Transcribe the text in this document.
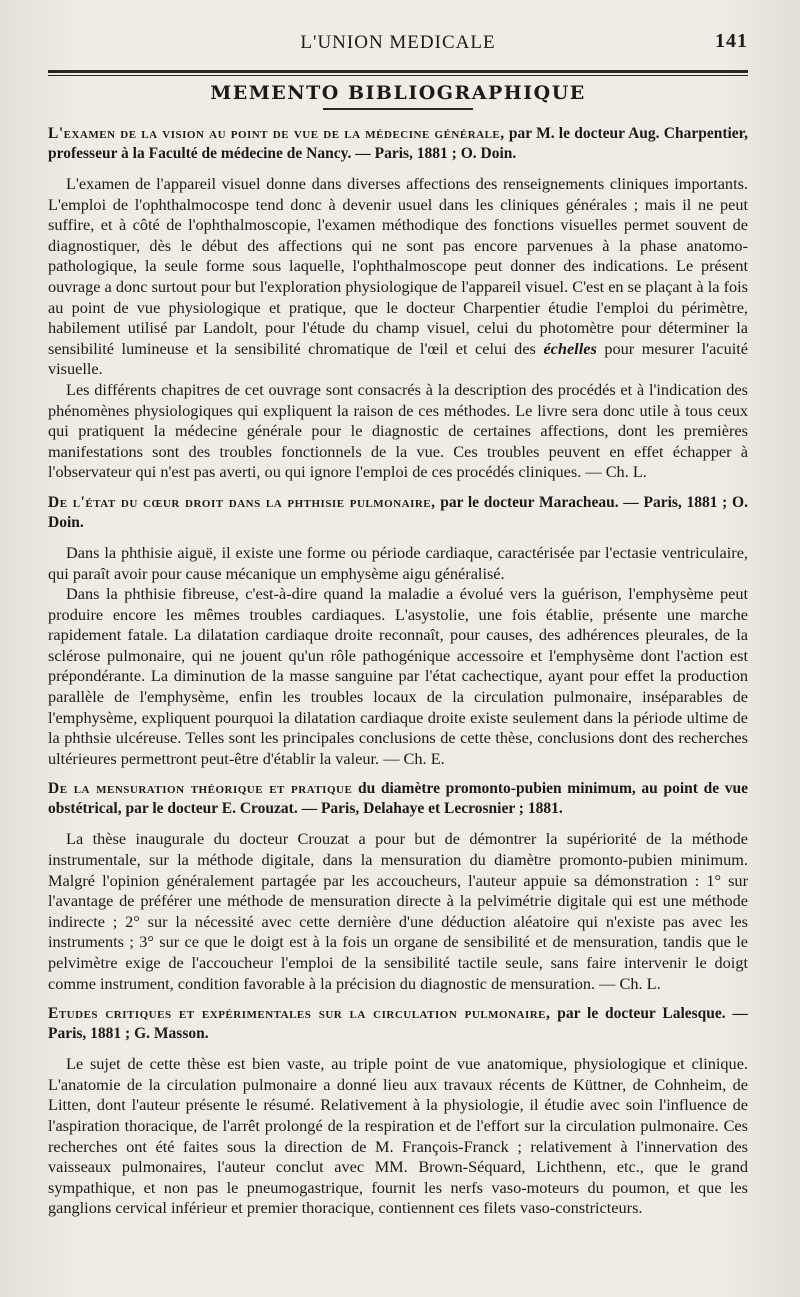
L'UNION MEDICALE	141
MEMENTO BIBLIOGRAPHIQUE

L'examen de la vision au point de vue de la médecine générale, par M. le docteur Aug. Charpentier, professeur à la Faculté de médecine de Nancy. — Paris, 1881 ; O. Doin.

L'examen de l'appareil visuel donne dans diverses affections des renseignements cliniques importants. L'emploi de l'ophthalmocospe tend donc à devenir usuel dans les cliniques générales ; mais il ne peut suffire, et à côté de l'ophthalmoscopie, l'examen méthodique des fonctions visuelles permet souvent de diagnostiquer, dès le début des affections qui ne sont pas encore parvenues à la phase anatomo-pathologique, la seule forme sous laquelle, l'ophthalmoscope peut donner des indications. Le présent ouvrage a donc surtout pour but l'exploration physiologique de l'appareil visuel. C'est en se plaçant à la fois au point de vue physiologique et pratique, que le docteur Charpentier étudie l'emploi du périmètre, habilement utilisé par Landolt, pour l'étude du champ visuel, celui du photomètre pour déterminer la sensibilité lumineuse et la sensibilité chromatique de l'œil et celui des échelles pour mesurer l'acuité visuelle.

Les différents chapitres de cet ouvrage sont consacrés à la description des procédés et à l'indication des phénomènes physiologiques qui expliquent la raison de ces méthodes. Le livre sera donc utile à tous ceux qui pratiquent la médecine générale pour le diagnostic de certaines affections, dont les premières manifestations sont des troubles fonctionnels de la vue. Ces troubles peuvent en effet échapper à l'observateur qui n'est pas averti, ou qui ignore l'emploi de ces procédés cliniques. — Ch. L.

De l'état du cœur droit dans la phthisie pulmonaire, par le docteur Maracheau. — Paris, 1881 ; O. Doin.

Dans la phthisie aiguë, il existe une forme ou période cardiaque, caractérisée par l'ectasie ventriculaire, qui paraît avoir pour cause mécanique un emphysème aigu généralisé.

Dans la phthisie fibreuse, c'est-à-dire quand la maladie a évolué vers la guérison, l'emphysème peut produire encore les mêmes troubles cardiaques. L'asystolie, une fois établie, présente une marche rapidement fatale. La dilatation cardiaque droite reconnaît, pour causes, des adhérences pleurales, de la sclérose pulmonaire, qui ne jouent qu'un rôle pathogénique accessoire et l'emphysème dont l'action est prépondérante. La diminution de la masse sanguine par l'état cachectique, ayant pour effet la production parallèle de l'emphysème, enfin les troubles locaux de la circulation pulmonaire, inséparables de l'emphysème, expliquent pourquoi la dilatation cardiaque droite existe seulement dans la période ultime de la phthsie ulcéreuse. Telles sont les principales conclusions de cette thèse, conclusions dont des recherches ultérieures permettront peut-être d'établir la valeur. — Ch. E.

De la mensuration théorique et pratique du diamètre promonto-pubien minimum, au point de vue obstétrical, par le docteur E. Crouzat. — Paris, Delahaye et Lecrosnier ; 1881.

La thèse inaugurale du docteur Crouzat a pour but de démontrer la supériorité de la méthode instrumentale, sur la méthode digitale, dans la mensuration du diamètre promonto-pubien minimum. Malgré l'opinion généralement partagée par les accoucheurs, l'auteur appuie sa démonstration : 1° sur l'avantage de préférer une méthode de mensuration directe à la pelvimétrie digitale qui est une méthode indirecte ; 2° sur la nécessité avec cette dernière d'une déduction aléatoire qui n'existe pas avec les instruments ; 3° sur ce que le doigt est à la fois un organe de sensibilité et de mensuration, tandis que le pelvimètre exige de l'accoucheur l'emploi de la sensibilité tactile seule, sans faire intervenir le doigt comme instrument, condition favorable à la précision du diagnostic de mensuration. — Ch. L.

Etudes critiques et expérimentales sur la circulation pulmonaire, par le docteur Lalesque. — Paris, 1881 ; G. Masson.

Le sujet de cette thèse est bien vaste, au triple point de vue anatomique, physiologique et clinique. L'anatomie de la circulation pulmonaire a donné lieu aux travaux récents de Küttner, de Cohnheim, de Litten, dont l'auteur présente le résumé. Relativement à la physiologie, il étudie avec soin l'influence de l'aspiration thoracique, de l'arrêt prolongé de la respiration et de l'effort sur la circulation pulmonaire. Ces recherches ont été faites sous la direction de M. François-Franck ; relativement à l'innervation des vaisseaux pulmonaires, l'auteur conclut avec MM. Brown-Séquard, Lichthenn, etc., que le grand sympathique, et non pas le pneumogastrique, fournit les nerfs vaso-moteurs du poumon, et que les ganglions cervical inférieur et premier thoracique, contiennent ces filets vaso-constricteurs.
